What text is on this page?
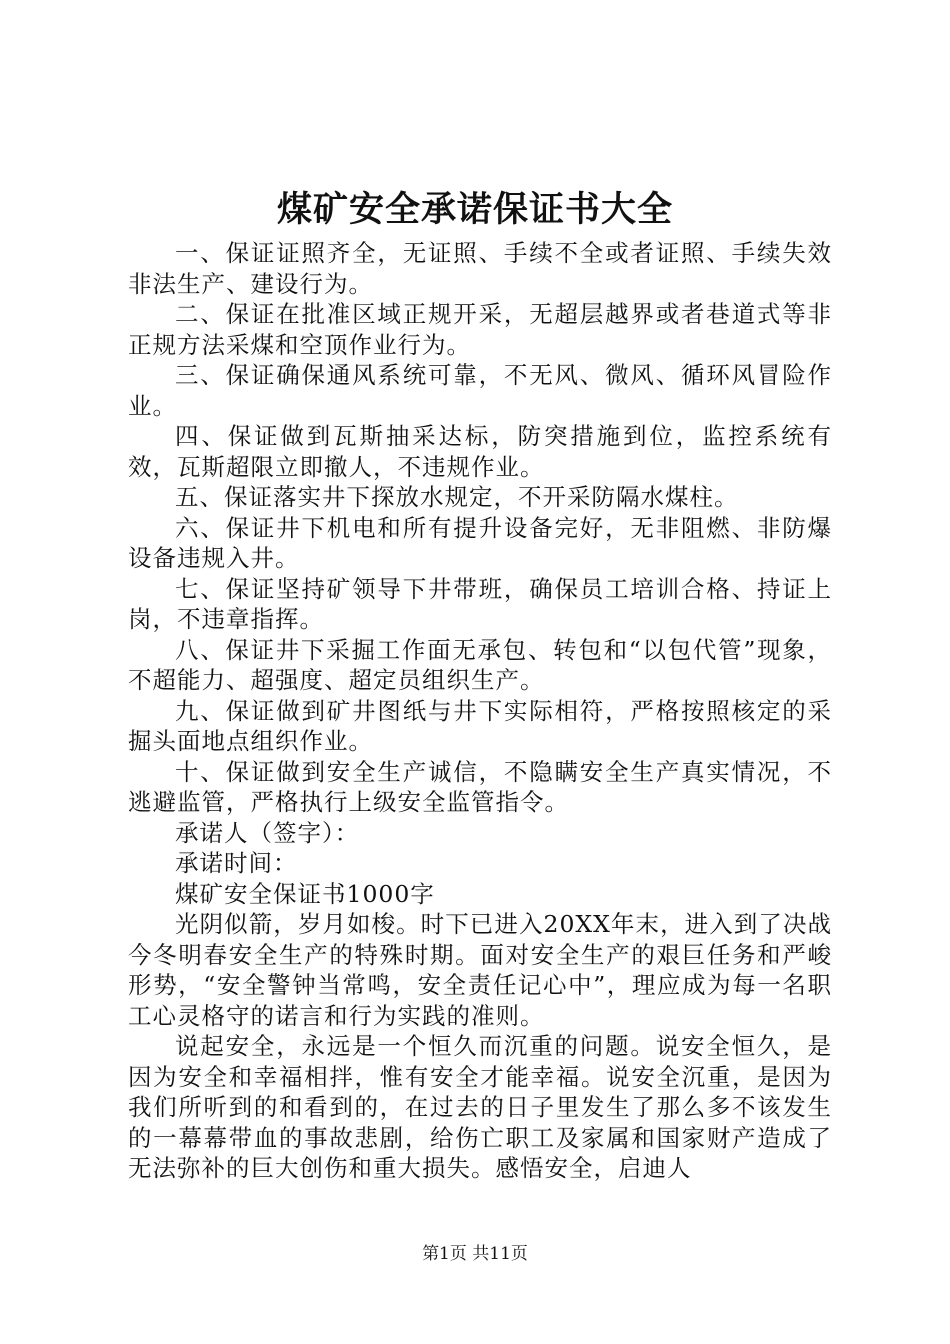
煤矿安全承诺保证书大全

一、保证证照齐全，无证照、手续不全或者证照、手续失效非法生产、建设行为。

二、保证在批准区域正规开采，无超层越界或者巷道式等非正规方法采煤和空顶作业行为。

三、保证确保通风系统可靠，不无风、微风、循环风冒险作业。

四、保证做到瓦斯抽采达标，防突措施到位，监控系统有效，瓦斯超限立即撤人，不违规作业。

五、保证落实井下探放水规定，不开采防隔水煤柱。

六、保证井下机电和所有提升设备完好，无非阻燃、非防爆设备违规入井。

七、保证坚持矿领导下井带班，确保员工培训合格、持证上岗，不违章指挥。

八、保证井下采掘工作面无承包、转包和“以包代管”现象，不超能力、超强度、超定员组织生产。

九、保证做到矿井图纸与井下实际相符，严格按照核定的采掘头面地点组织作业。

十、保证做到安全生产诚信，不隐瞒安全生产真实情况，不逃避监管，严格执行上级安全监管指令。

承诺人（签字）：

承诺时间：

煤矿安全保证书1000字

光阴似箭，岁月如梭。时下已进入20XX年末，进入到了决战今冬明春安全生产的特殊时期。面对安全生产的艰巨任务和严峻形势，“安全警钟当常鸣，安全责任记心中”，理应成为每一名职工心灵格守的诺言和行为实践的准则。

说起安全，永远是一个恒久而沉重的问题。说安全恒久，是因为安全和幸福相拌，惟有安全才能幸福。说安全沉重，是因为我们所听到的和看到的，在过去的日子里发生了那么多不该发生的一幕幕带血的事故悲剧，给伤亡职工及家属和国家财产造成了无法弥补的巨大创伤和重大损失。感悟安全，启迪人

第1页 共11页
